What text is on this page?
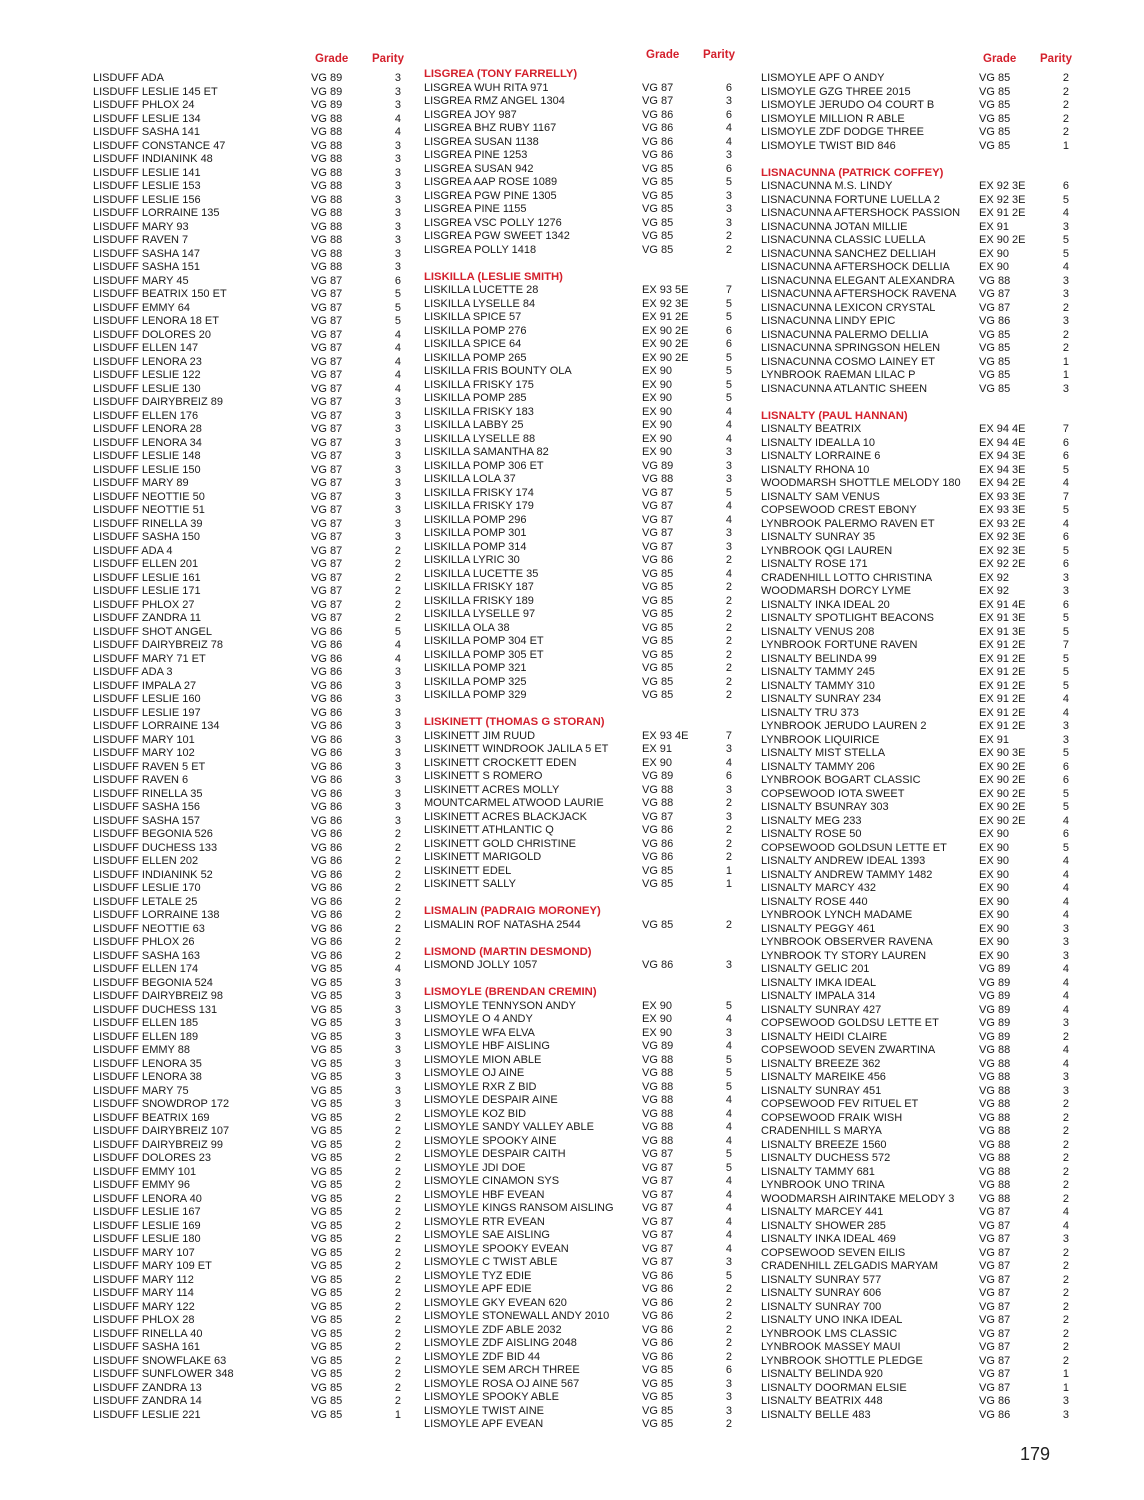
Grade Parity
LISDUFF ADA	VG 89	3
LISDUFF LESLIE 145 ET	VG 89	3
LISDUFF PHLOX 24	VG 89	3
LISDUFF LESLIE 134	VG 88	4
LISDUFF SASHA 141	VG 88	4
LISDUFF CONSTANCE 47	VG 88	3
LISDUFF INDIANINK 48	VG 88	3
LISDUFF LESLIE 141	VG 88	3
LISDUFF LESLIE 153	VG 88	3
LISDUFF LESLIE 156	VG 88	3
LISDUFF LORRAINE 135	VG 88	3
LISDUFF MARY 93	VG 88	3
LISDUFF RAVEN 7	VG 88	3
LISDUFF SASHA 147	VG 88	3
LISDUFF SASHA 151	VG 88	3
LISDUFF MARY 45	VG 87	6
LISDUFF BEATRIX 150 ET	VG 87	5
LISDUFF EMMY 64	VG 87	5
LISDUFF LENORA 18 ET	VG 87	5
LISDUFF DOLORES 20	VG 87	4
LISDUFF ELLEN 147	VG 87	4
LISDUFF LENORA 23	VG 87	4
LISDUFF LESLIE 122	VG 87	4
LISDUFF LESLIE 130	VG 87	4
LISDUFF DAIRYBREIZ 89	VG 87	3
LISDUFF ELLEN 176	VG 87	3
LISDUFF LENORA 28	VG 87	3
LISDUFF LENORA 34	VG 87	3
LISDUFF LESLIE 148	VG 87	3
LISDUFF LESLIE 150	VG 87	3
LISDUFF MARY 89	VG 87	3
LISDUFF NEOTTIE 50	VG 87	3
LISDUFF NEOTTIE 51	VG 87	3
LISDUFF RINELLA 39	VG 87	3
LISDUFF SASHA 150	VG 87	3
LISDUFF ADA 4	VG 87	2
LISDUFF ELLEN 201	VG 87	2
LISDUFF LESLIE 161	VG 87	2
LISDUFF LESLIE 171	VG 87	2
LISDUFF PHLOX 27	VG 87	2
LISDUFF ZANDRA 11	VG 87	2
LISDUFF SHOT ANGEL	VG 86	5
LISDUFF DAIRYBREIZ 78	VG 86	4
LISDUFF MARY 71 ET	VG 86	4
LISDUFF ADA 3	VG 86	3
LISDUFF IMPALA 27	VG 86	3
LISDUFF LESLIE 160	VG 86	3
LISDUFF LESLIE 197	VG 86	3
LISDUFF LORRAINE 134	VG 86	3
LISDUFF MARY 101	VG 86	3
LISDUFF MARY 102	VG 86	3
LISDUFF RAVEN 5 ET	VG 86	3
LISDUFF RAVEN 6	VG 86	3
LISDUFF RINELLA 35	VG 86	3
LISDUFF SASHA 156	VG 86	3
LISDUFF SASHA 157	VG 86	3
LISDUFF BEGONIA 526	VG 86	2
LISDUFF DUCHESS 133	VG 86	2
LISDUFF ELLEN 202	VG 86	2
LISDUFF INDIANINK 52	VG 86	2
LISDUFF LESLIE 170	VG 86	2
LISDUFF LETALE 25	VG 86	2
LISDUFF LORRAINE 138	VG 86	2
LISDUFF NEOTTIE 63	VG 86	2
LISDUFF PHLOX 26	VG 86	2
LISDUFF SASHA 163	VG 86	2
LISDUFF ELLEN 174	VG 85	4
LISDUFF BEGONIA 524	VG 85	3
LISDUFF DAIRYBREIZ 98	VG 85	3
LISDUFF DUCHESS 131	VG 85	3
LISDUFF ELLEN 185	VG 85	3
LISDUFF ELLEN 189	VG 85	3
LISDUFF EMMY 88	VG 85	3
LISDUFF LENORA 35	VG 85	3
LISDUFF LENORA 38	VG 85	3
LISDUFF MARY 75	VG 85	3
LISDUFF SNOWDROP 172	VG 85	3
LISDUFF BEATRIX 169	VG 85	2
LISDUFF DAIRYBREIZ 107	VG 85	2
LISDUFF DAIRYBREIZ 99	VG 85	2
LISDUFF DOLORES 23	VG 85	2
LISDUFF EMMY 101	VG 85	2
LISDUFF EMMY 96	VG 85	2
LISDUFF LENORA 40	VG 85	2
LISDUFF LESLIE 167	VG 85	2
LISDUFF LESLIE 169	VG 85	2
LISDUFF LESLIE 180	VG 85	2
LISDUFF MARY 107	VG 85	2
LISDUFF MARY 109 ET	VG 85	2
LISDUFF MARY 112	VG 85	2
LISDUFF MARY 114	VG 85	2
LISDUFF MARY 122	VG 85	2
LISDUFF PHLOX 28	VG 85	2
LISDUFF RINELLA 40	VG 85	2
LISDUFF SASHA 161	VG 85	2
LISDUFF SNOWFLAKE 63	VG 85	2
LISDUFF SUNFLOWER 348	VG 85	2
LISDUFF ZANDRA 13	VG 85	2
LISDUFF ZANDRA 14	VG 85	2
LISDUFF LESLIE 221	VG 85	1
Grade Parity
LISGREA (TONY FARRELLY)
LISGREA WUH RITA 971	VG 87	6
LISGREA RMZ ANGEL 1304	VG 87	3
LISGREA JOY 987	VG 86	6
LISGREA BHZ RUBY 1167	VG 86	4
LISGREA SUSAN 1138	VG 86	4
LISGREA PINE 1253	VG 86	3
LISGREA SUSAN 942	VG 85	6
LISGREA AAP ROSE 1089	VG 85	5
LISGREA PGW PINE 1305	VG 85	3
LISGREA PINE 1155	VG 85	3
LISGREA VSC POLLY 1276	VG 85	3
LISGREA PGW SWEET 1342	VG 85	2
LISGREA POLLY 1418	VG 85	2
LISKILLA (LESLIE SMITH)
LISKILLA LUCETTE 28	EX 93 5E	7
LISKILLA LYSELLE 84	EX 92 3E	5
LISKILLA SPICE 57	EX 91 2E	5
LISKILLA POMP 276	EX 90 2E	6
LISKILLA SPICE 64	EX 90 2E	6
LISKILLA POMP 265	EX 90 2E	5
LISKILLA FRIS BOUNTY OLA	EX 90	5
LISKILLA FRISKY 175	EX 90	5
LISKILLA POMP 285	EX 90	5
LISKILLA FRISKY 183	EX 90	4
LISKILLA LABBY 25	EX 90	4
LISKILLA LYSELLE 88	EX 90	4
LISKILLA SAMANTHA 82	EX 90	3
LISKILLA POMP 306 ET	VG 89	3
LISKILLA LOLA 37	VG 88	3
LISKILLA FRISKY 174	VG 87	5
LISKILLA FRISKY 179	VG 87	4
LISKILLA POMP 296	VG 87	4
LISKILLA POMP 301	VG 87	3
LISKILLA POMP 314	VG 87	3
LISKILLA LYRIC 30	VG 86	2
LISKILLA LUCETTE 35	VG 85	4
LISKILLA FRISKY 187	VG 85	2
LISKILLA FRISKY 189	VG 85	2
LISKILLA LYSELLE 97	VG 85	2
LISKILLA OLA 38	VG 85	2
LISKILLA POMP 304 ET	VG 85	2
LISKILLA POMP 305 ET	VG 85	2
LISKILLA POMP 321	VG 85	2
LISKILLA POMP 325	VG 85	2
LISKILLA POMP 329	VG 85	2
LISKINETT (THOMAS G STORAN)
LISKINETT JIM RUUD	EX 93 4E	7
LISKINETT WINDROOK JALILA 5 ET	EX 91	3
LISKINETT CROCKETT EDEN	EX 90	4
LISKINETT S ROMERO	VG 89	6
LISKINETT ACRES MOLLY	VG 88	3
MOUNTCARMEL ATWOOD LAURIE	VG 88	2
LISKINETT ACRES BLACKJACK	VG 87	3
LISKINETT ATHLANTIC Q	VG 86	2
LISKINETT GOLD CHRISTINE	VG 86	2
LISKINETT MARIGOLD	VG 86	2
LISKINETT EDEL	VG 85	1
LISKINETT SALLY	VG 85	1
LISMALIN (PADRAIG MORONEY)
LISMALIN ROF NATASHA 2544	VG 85	2
LISMOND (MARTIN DESMOND)
LISMOND JOLLY 1057	VG 86	3
LISMOYLE (BRENDAN CREMIN)
LISMOYLE TENNYSON ANDY	EX 90	5
LISMOYLE O 4 ANDY	EX 90	4
LISMOYLE WFA ELVA	EX 90	3
LISMOYLE HBF AISLING	VG 89	4
LISMOYLE MION ABLE	VG 88	5
LISMOYLE OJ AINE	VG 88	5
LISMOYLE RXR Z BID	VG 88	5
LISMOYLE DESPAIR AINE	VG 88	4
LISMOYLE KOZ BID	VG 88	4
LISMOYLE SANDY VALLEY ABLE	VG 88	4
LISMOYLE SPOOKY AINE	VG 88	4
LISMOYLE DESPAIR CAITH	VG 87	5
LISMOYLE JDI DOE	VG 87	5
LISMOYLE CINAMON SYS	VG 87	4
LISMOYLE HBF EVEAN	VG 87	4
LISMOYLE KINGS RANSOM AISLING	VG 87	4
LISMOYLE RTR EVEAN	VG 87	4
LISMOYLE SAE AISLING	VG 87	4
LISMOYLE SPOOKY EVEAN	VG 87	4
LISMOYLE C TWIST ABLE	VG 87	3
LISMOYLE TYZ EDIE	VG 86	5
LISMOYLE APF EDIE	VG 86	2
LISMOYLE GKY EVEAN 620	VG 86	2
LISMOYLE STONEWALL ANDY 2010	VG 86	2
LISMOYLE ZDF ABLE 2032	VG 86	2
LISMOYLE ZDF AISLING 2048	VG 86	2
LISMOYLE ZDF BID 44	VG 86	2
LISMOYLE SEM ARCH THREE	VG 85	6
LISMOYLE ROSA OJ AINE 567	VG 85	3
LISMOYLE SPOOKY ABLE	VG 85	3
LISMOYLE TWIST AINE	VG 85	3
LISMOYLE APF EVEAN	VG 85	2
Grade Parity
LISMOYLE APF O ANDY	VG 85	2
LISMOYLE GZG THREE 2015	VG 85	2
LISMOYLE JERUDO O4 COURT B	VG 85	2
LISMOYLE MILLION R ABLE	VG 85	2
LISMOYLE ZDF DODGE THREE	VG 85	2
LISMOYLE TWIST BID 846	VG 85	1
LISNACUNNA (PATRICK COFFEY)
LISNACUNNA M.S. LINDY	EX 92 3E	6
LISNACUNNA FORTUNE LUELLA 2	EX 92 3E	5
LISNACUNNA AFTERSHOCK PASSION EX 91 2E	4
LISNACUNNA JOTAN MILLIE	EX 91	3
LISNACUNNA CLASSIC LUELLA	EX 90 2E	5
LISNACUNNA SANCHEZ DELLIAH	EX 90	5
LISNACUNNA AFTERSHOCK DELLIA	EX 90	4
LISNACUNNA ELEGANT ALEXANDRA VG 88	3
LISNACUNNA AFTERSHOCK RAVENA VG 87	3
LISNACUNNA LEXICON CRYSTAL	VG 87	2
LISNACUNNA LINDY EPIC	VG 86	3
LISNACUNNA PALERMO DELLIA	VG 85	2
LISNACUNNA SPRINGSON HELEN	VG 85	2
LISNACUNNA COSMO LAINEY ET	VG 85	1
LYNBROOK RAEMAN LILAC P	VG 85	1
LISNACUNNA ATLANTIC SHEEN	VG 85	3
LISNALTY (PAUL HANNAN)
LISNALTY BEATRIX	EX 94 4E	7
LISNALTY IDEALLA 10	EX 94 4E	6
LISNALTY LORRAINE 6	EX 94 3E	6
LISNALTY RHONA 10	EX 94 3E	5
WOODMARSH SHOTTLE MELODY 180 EX 94 2E	4
LISNALTY SAM VENUS	EX 93 3E	7
COPSEWOOD CREST EBONY	EX 93 3E	5
LYNBROOK PALERMO RAVEN ET	EX 93 2E	4
LISNALTY SUNRAY 35	EX 92 3E	6
LYNBROOK QGI LAUREN	EX 92 3E	5
LISNALTY ROSE 171	EX 92 2E	6
CRADENHILL LOTTO CHRISTINA	EX 92	3
WOODMARSH DORCY LYME	EX 92	3
LISNALTY INKA IDEAL 20	EX 91 4E	6
LISNALTY SPOTLIGHT BEACONS	EX 91 3E	5
LISNALTY VENUS 208	EX 91 3E	5
LYNBROOK FORTUNE RAVEN	EX 91 2E	7
LISNALTY BELINDA 99	EX 91 2E	5
LISNALTY TAMMY 245	EX 91 2E	5
LISNALTY TAMMY 310	EX 91 2E	5
LISNALTY SUNRAY 234	EX 91 2E	4
LISNALTY TRU 373	EX 91 2E	4
LYNBROOK JERUDO LAUREN 2	EX 91 2E	3
LYNBROOK LIQUIRICE	EX 91	3
LISNALTY MIST STELLA	EX 90 3E	5
LISNALTY TAMMY 206	EX 90 2E	6
LYNBROOK BOGART CLASSIC	EX 90 2E	6
COPSEWOOD IOTA SWEET	EX 90 2E	5
LISNALTY BSUNRAY 303	EX 90 2E	5
LISNALTY MEG 233	EX 90 2E	4
LISNALTY ROSE 50	EX 90	6
COPSEWOOD GOLDSUN LETTE ET	EX 90	5
LISNALTY ANDREW IDEAL 1393	EX 90	4
LISNALTY ANDREW TAMMY 1482	EX 90	4
LISNALTY MARCY 432	EX 90	4
LISNALTY ROSE 440	EX 90	4
LYNBROOK LYNCH MADAME	EX 90	4
LISNALTY PEGGY 461	EX 90	3
LYNBROOK OBSERVER RAVENA	EX 90	3
LYNBROOK TY STORY LAUREN	EX 90	3
LISNALTY GELIC 201	VG 89	4
LISNALTY IMKA IDEAL	VG 89	4
LISNALTY IMPALA 314	VG 89	4
LISNALTY SUNRAY 427	VG 89	4
COPSEWOOD GOLDSU LETTE ET	VG 89	3
LISNALTY HEIDI CLAIRE	VG 89	2
COPSEWOOD SEVEN ZWARTINA	VG 88	4
LISNALTY BREEZE 362	VG 88	4
LISNALTY MAREIKE 456	VG 88	3
LISNALTY SUNRAY 451	VG 88	3
COPSEWOOD FEV RITUEL ET	VG 88	2
COPSEWOOD FRAIK WISH	VG 88	2
CRADENHILL S MARYA	VG 88	2
LISNALTY BREEZE 1560	VG 88	2
LISNALTY DUCHESS 572	VG 88	2
LISNALTY TAMMY 681	VG 88	2
LYNBROOK UNO TRINA	VG 88	2
WOODMARSH AIRINTAKE MELODY 3 VG 88	2
LISNALTY MARCEY 441	VG 87	4
LISNALTY SHOWER 285	VG 87	4
LISNALTY INKA IDEAL 469	VG 87	3
COPSEWOOD SEVEN EILIS	VG 87	2
CRADENHILL ZELGADIS MARYAM	VG 87	2
LISNALTY SUNRAY 577	VG 87	2
LISNALTY SUNRAY 606	VG 87	2
LISNALTY SUNRAY 700	VG 87	2
LISNALTY UNO INKA IDEAL	VG 87	2
LYNBROOK LMS CLASSIC	VG 87	2
LYNBROOK MASSEY MAUI	VG 87	2
LYNBROOK SHOTTLE PLEDGE	VG 87	2
LISNALTY BELINDA 920	VG 87	1
LISNALTY DOORMAN ELSIE	VG 87	1
LISNALTY BEATRIX 448	VG 86	3
LISNALTY BELLE 483	VG 86	3
179
